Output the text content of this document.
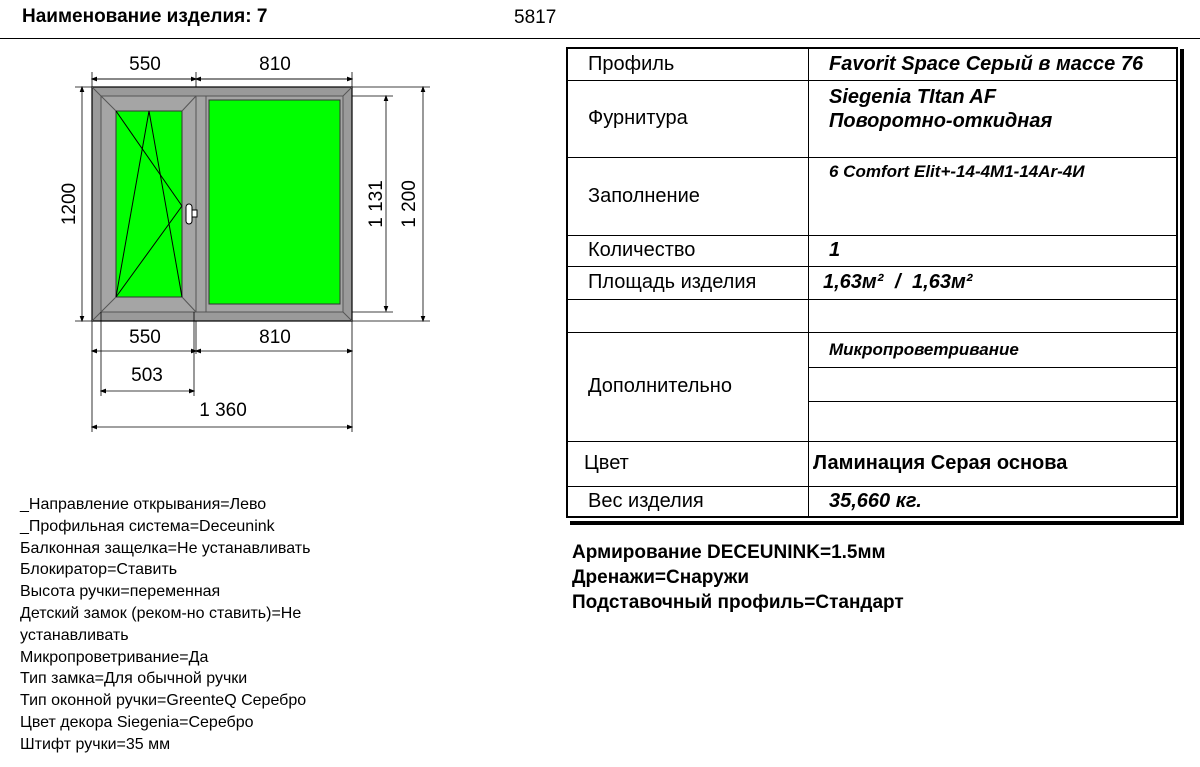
Наименование изделия: 7	5817
550	810
1200	1 131 1 200
550	810
503
1 360
Профиль	Favorit Space Серый в массе 76
Фурнитура	Siegenia TItan AF
Поворотно-откидная

Заполнение	6 Comfort Elit+-14-4M1-14Ar-4И
Количество	1
Площадь изделия	1,63м² / 1,63м²

Дополнительно	Микропроветривание

Цвет	Ламинация Серая основа
Вес изделия	35,660 кг.
Армирование DECEUNINK=1.5мм
Дренажи=Снаружи
Подставочный профиль=Стандарт
_Направление открывания=Лево
_Профильная система=Deceunink
Балконная защелка=Не устанавливать
Блокиратор=Ставить
Высота ручки=переменная
Детский замок (реком-но ставить)=Не
устанавливать
Микропроветривание=Да
Тип замка=Для обычной ручки
Тип оконной ручки=GreenteQ Серебро
Цвет декора Siegenia=Серебро
Штифт ручки=35 мм
